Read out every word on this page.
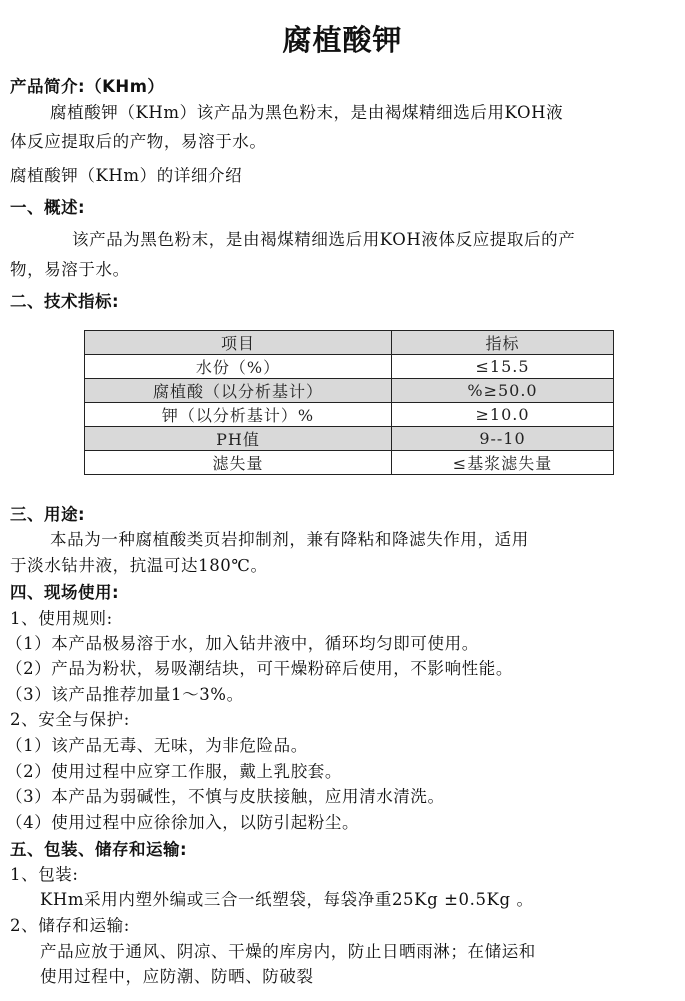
腐植酸钾
产品简介:（KHm）
腐植酸钾（KHm）该产品为黑色粉末，是由褐煤精细选后用KOH液
体反应提取后的产物，易溶于水。
腐植酸钾（KHm）的详细介绍
一、概述:
该产品为黑色粉末，是由褐煤精细选后用KOH液体反应提取后的产
物，易溶于水。
二、技术指标:
项目	指标
水份（%）	≤15.5
腐植酸（以分析基计）	%≥50.0
钾（以分析基计）%	≥10.0
PH值	9--10
滤失量	≤基浆滤失量
三、用途:
本品为一种腐植酸类页岩抑制剂，兼有降粘和降滤失作用，适用
于淡水钻井液，抗温可达180℃。
四、现场使用:
1、使用规则:
（1）本产品极易溶于水，加入钻井液中，循环均匀即可使用。
（2）产品为粉状，易吸潮结块，可干燥粉碎后使用，不影响性能。
（3）该产品推荐加量1～3%。
2、安全与保护:
（1）该产品无毒、无味，为非危险品。
（2）使用过程中应穿工作服，戴上乳胶套。
（3）本产品为弱碱性，不慎与皮肤接触，应用清水清洗。
（4）使用过程中应徐徐加入，以防引起粉尘。
五、包装、储存和运输:
1、包装:
KHm采用内塑外编或三合一纸塑袋，每袋净重25Kg ±0.5Kg 。
2、储存和运输:
产品应放于通风、阴凉、干燥的库房内，防止日晒雨淋；在储运和
使用过程中，应防潮、防晒、防破裂
